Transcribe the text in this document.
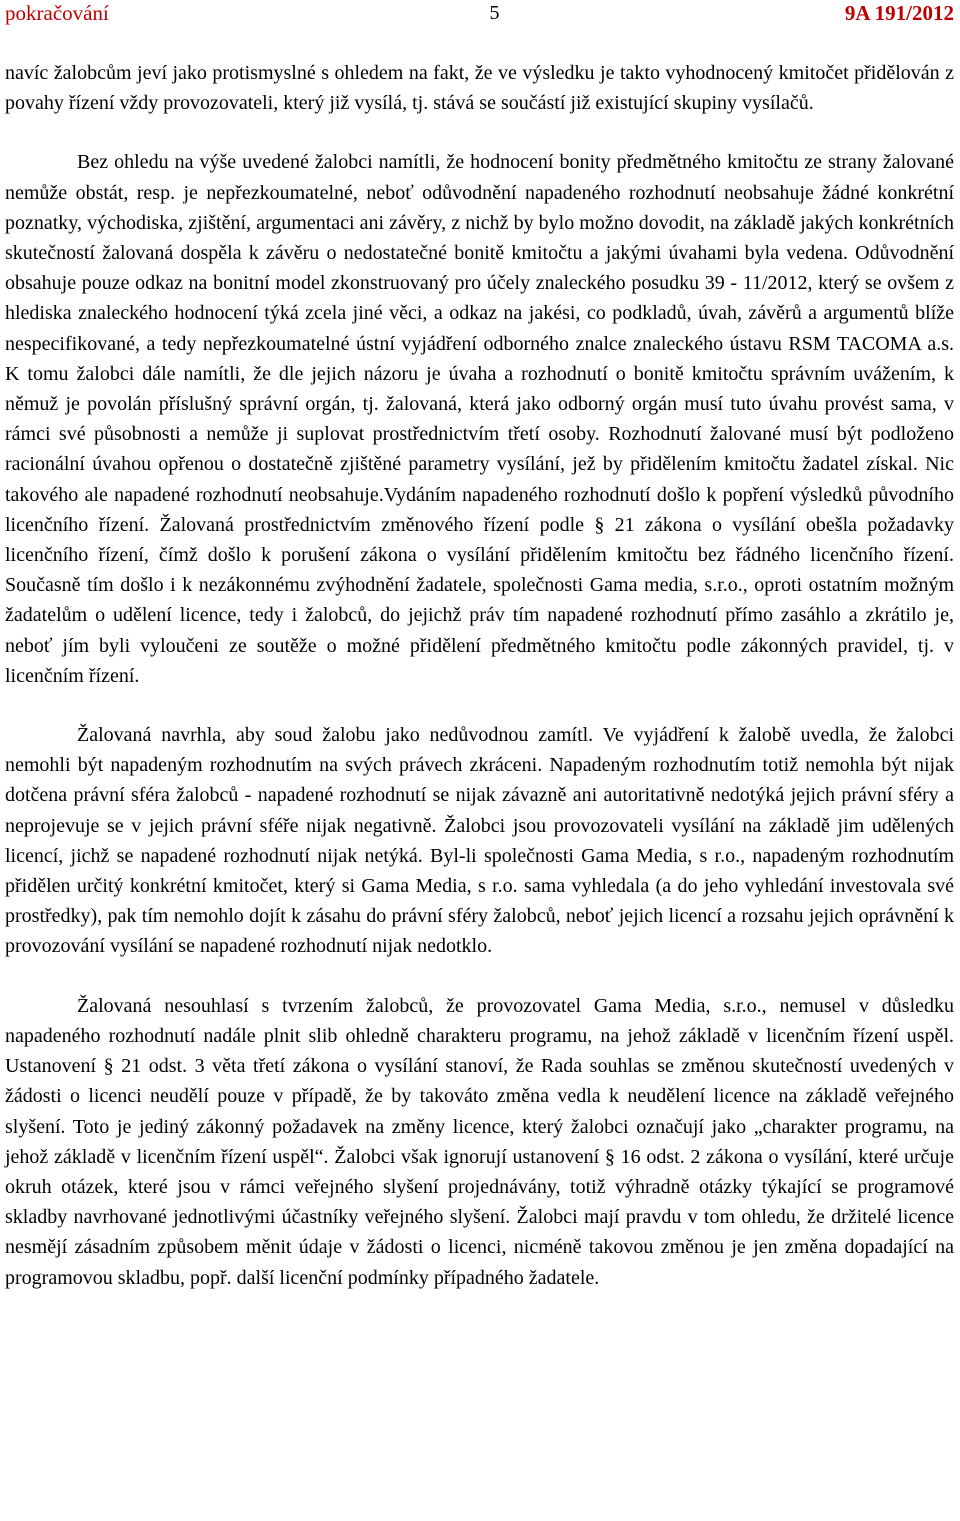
pokračování	5	9A 191/2012

navíc žalobcům jeví jako protismyslné s ohledem na fakt, že ve výsledku je takto vyhodnocený kmitočet přidělován z povahy řízení vždy provozovateli, který již vysílá, tj. stává se součástí již existující skupiny vysílačů.

Bez ohledu na výše uvedené žalobci namítli, že hodnocení bonity předmětného kmitočtu ze strany žalované nemůže obstát, resp. je nepřezkoumatelné, neboť odůvodnění napadeného rozhodnutí neobsahuje žádné konkrétní poznatky, východiska, zjištění, argumentaci ani závěry, z nichž by bylo možno dovodit, na základě jakých konkrétních skutečností žalovaná dospěla k závěru o nedostatečné bonitě kmitočtu a jakými úvahami byla vedena. Odůvodnění obsahuje pouze odkaz na bonitní model zkonstruovaný pro účely znaleckého posudku 39 - 11/2012, který se ovšem z hlediska znaleckého hodnocení týká zcela jiné věci, a odkaz na jakési, co podkladů, úvah, závěrů a argumentů blíže nespecifikované, a tedy nepřezkoumatelné ústní vyjádření odborného znalce znaleckého ústavu RSM TACOMA a.s. K tomu žalobci dále namítli, že dle jejich názoru je úvaha a rozhodnutí o bonitě kmitočtu správním uvážením, k němuž je povolán příslušný správní orgán, tj. žalovaná, která jako odborný orgán musí tuto úvahu provést sama, v rámci své působnosti a nemůže ji suplovat prostřednictvím třetí osoby. Rozhodnutí žalované musí být podloženo racionální úvahou opřenou o dostatečně zjištěné parametry vysílání, jež by přidělením kmitočtu žadatel získal. Nic takového ale napadené rozhodnutí neobsahuje.Vydáním napadeného rozhodnutí došlo k popření výsledků původního licenčního řízení. Žalovaná prostřednictvím změnového řízení podle § 21 zákona o vysílání obešla požadavky licenčního řízení, čímž došlo k porušení zákona o vysílání přidělením kmitočtu bez řádného licenčního řízení. Současně tím došlo i k nezákonnému zvýhodnění žadatele, společnosti Gama media, s.r.o., oproti ostatním možným žadatelům o udělení licence, tedy i žalobců, do jejichž práv tím napadené rozhodnutí přímo zasáhlo a zkrátilo je, neboť jím byli vyloučeni ze soutěže o možné přidělení předmětného kmitočtu podle zákonných pravidel, tj. v licenčním řízení.

Žalovaná navrhla, aby soud žalobu jako nedůvodnou zamítl. Ve vyjádření k žalobě uvedla, že žalobci nemohli být napadeným rozhodnutím na svých právech zkráceni. Napadeným rozhodnutím totiž nemohla být nijak dotčena právní sféra žalobců - napadené rozhodnutí se nijak závazně ani autoritativně nedotýká jejich právní sféry a neprojevuje se v jejich právní sféře nijak negativně. Žalobci jsou provozovateli vysílání na základě jim udělených licencí, jichž se napadené rozhodnutí nijak netýká. Byl-li společnosti Gama Media, s r.o., napadeným rozhodnutím přidělen určitý konkrétní kmitočet, který si Gama Media, s r.o. sama vyhledala (a do jeho vyhledání investovala své prostředky), pak tím nemohlo dojít k zásahu do právní sféry žalobců, neboť jejich licencí a rozsahu jejich oprávnění k provozování vysílání se napadené rozhodnutí nijak nedotklo.

Žalovaná nesouhlasí s tvrzením žalobců, že provozovatel Gama Media, s.r.o., nemusel v důsledku napadeného rozhodnutí nadále plnit slib ohledně charakteru programu, na jehož základě v licenčním řízení uspěl. Ustanovení § 21 odst. 3 věta třetí zákona o vysílání stanoví, že Rada souhlas se změnou skutečností uvedených v žádosti o licenci neudělí pouze v případě, že by takováto změna vedla k neudělení licence na základě veřejného slyšení. Toto je jediný zákonný požadavek na změny licence, který žalobci označují jako „charakter programu, na jehož základě v licenčním řízení uspěl“. Žalobci však ignorují ustanovení § 16 odst. 2 zákona o vysílání, které určuje okruh otázek, které jsou v rámci veřejného slyšení projednávány, totiž výhradně otázky týkající se programové skladby navrhované jednotlivými účastníky veřejného slyšení. Žalobci mají pravdu v tom ohledu, že držitelé licence nesmějí zásadním způsobem měnit údaje v žádosti o licenci, nicméně takovou změnou je jen změna dopadající na programovou skladbu, popř. další licenční podmínky případného žadatele.
